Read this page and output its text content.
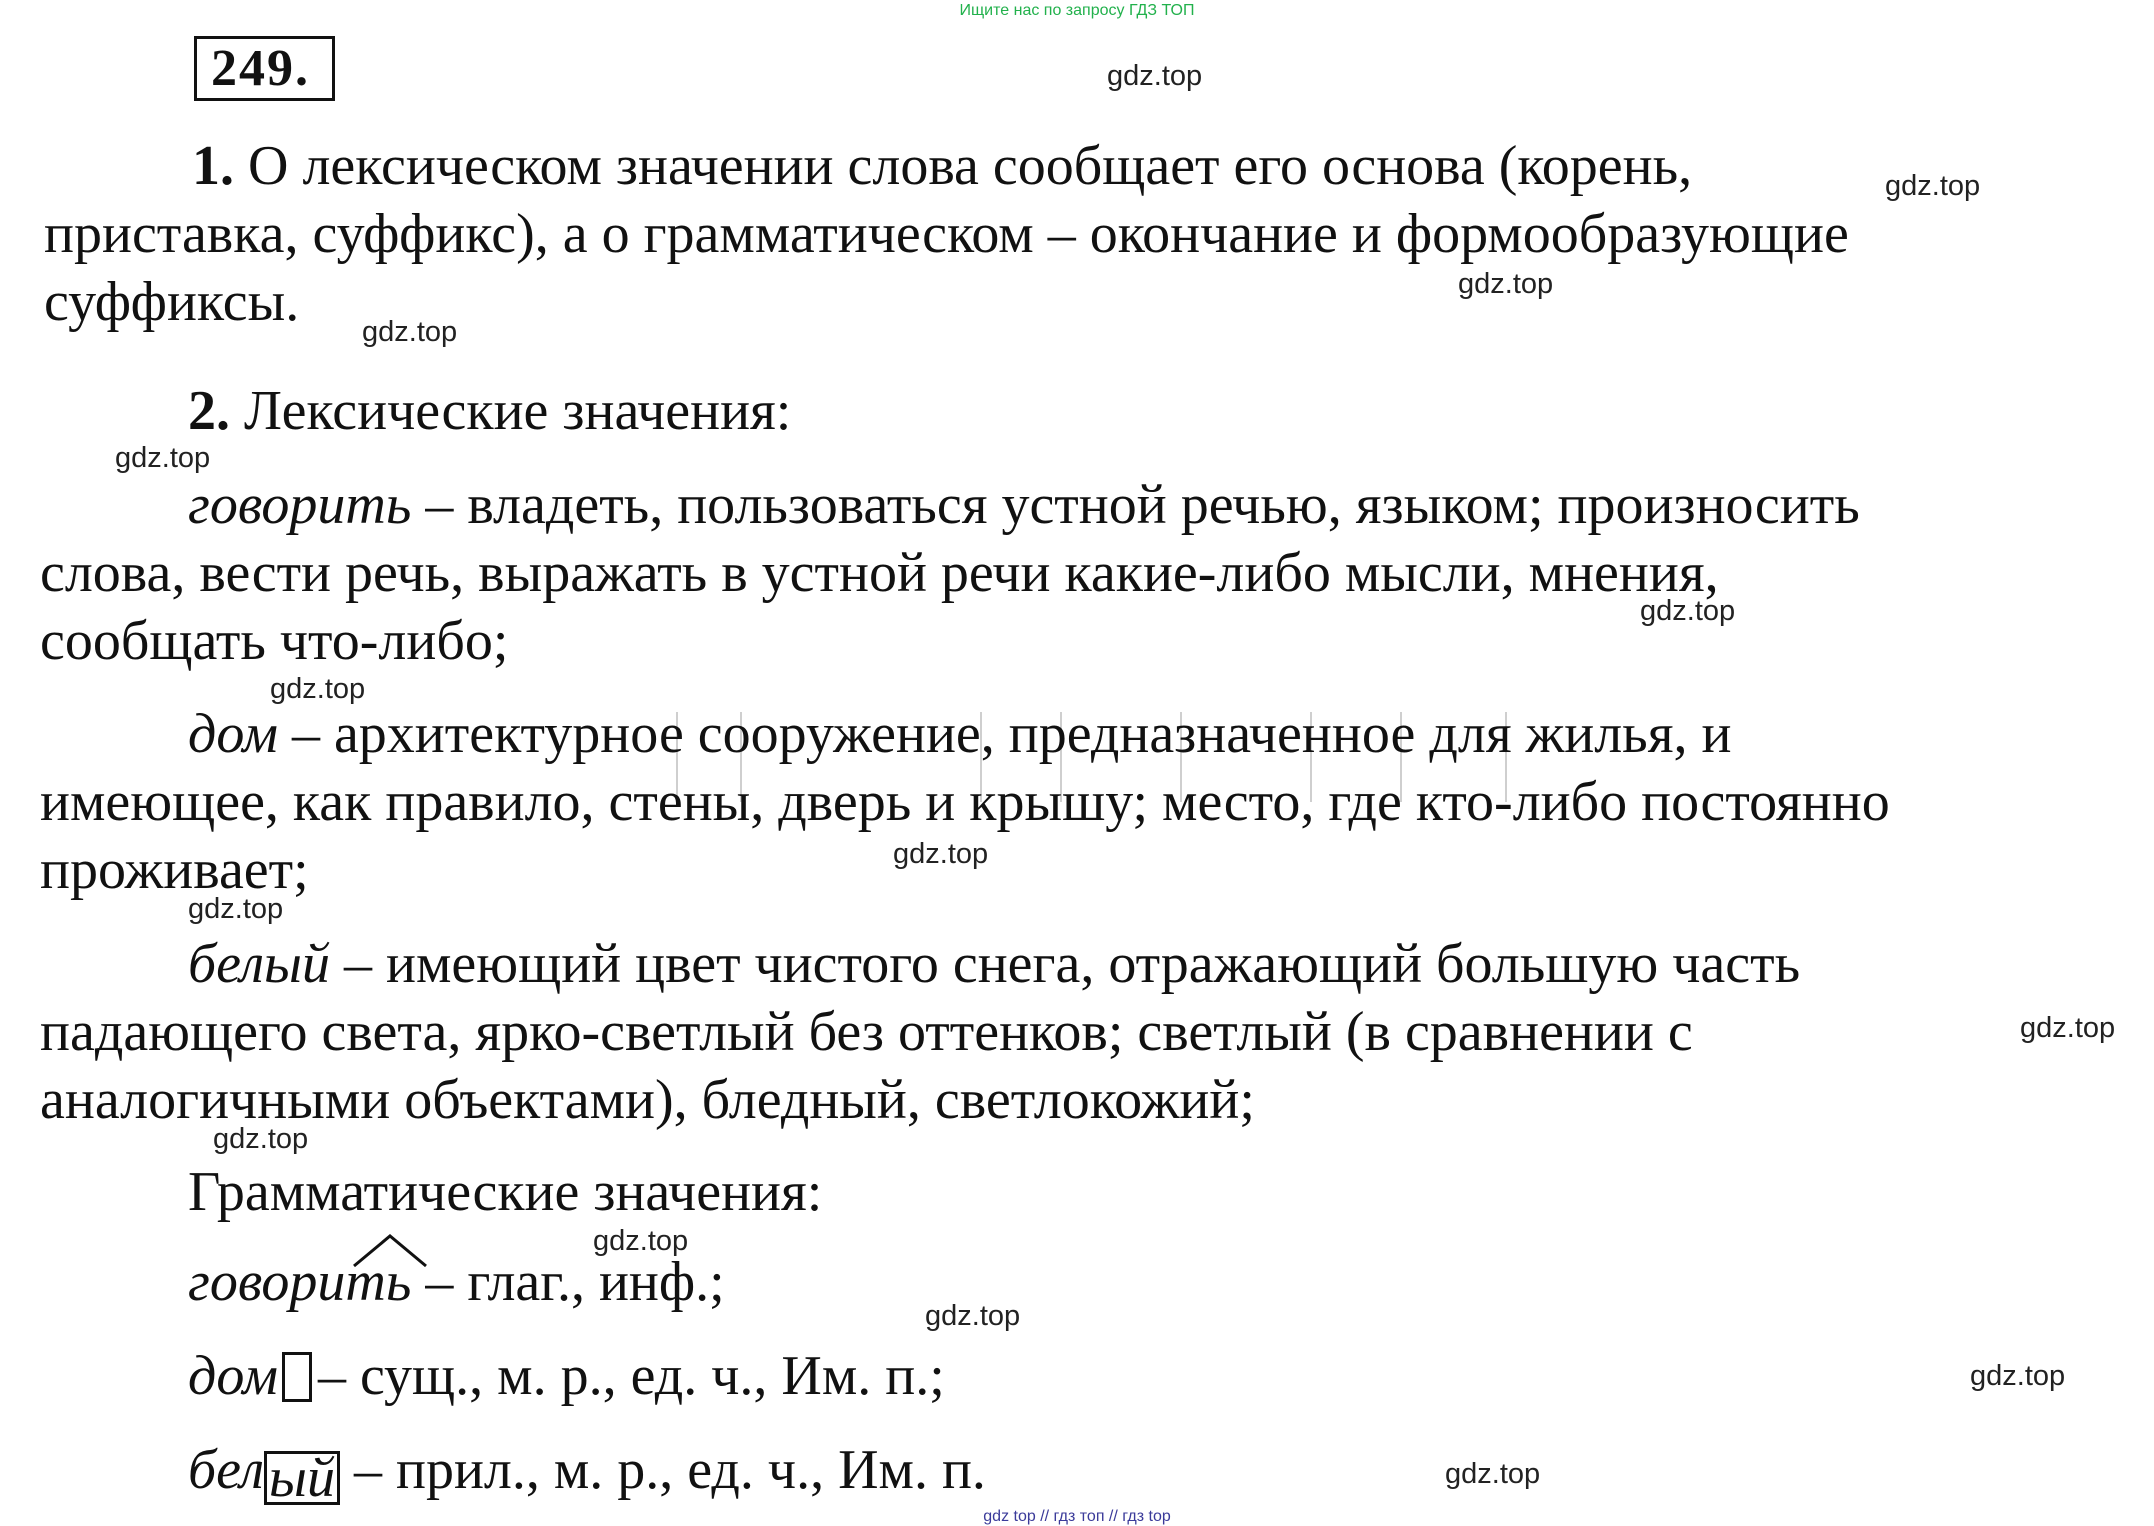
Ищите нас по запросу ГДЗ ТОП
249.	gdz.top
gdz.top
gdz.top
gdz.top
gdz.top
gdz.top
gdz.top
gdz.top
gdz.top
gdz.top
gdz.top
gdz.top
gdz.top
gdz.top
gdz.top
1. О лексическом значении слова сообщает его основа (корень,
приставка, суффикс), а о грамматическом – окончание и формообразующие
суффиксы.
2. Лексические значения:
говорить – владеть, пользоваться устной речью, языком; произносить
слова, вести речь, выражать в устной речи какие-либо мысли, мнения,
сообщать что-либо;
дом – архитектурное сооружение, предназначенное для жилья, и
имеющее, как правило, стены, дверь и крышу; место, где кто-либо постоянно
проживает;
белый – имеющий цвет чистого снега, отражающий большую часть
падающего света, ярко-светлый без оттенков; светлый (в сравнении с
аналогичными объектами), бледный, светлокожий;
Грамматические значения:
говорить – глаг., инф.;
дом – сущ., м. р., ед. ч., Им. п.;
белый – прил., м. р., ед. ч., Им. п.
gdz top // гдз топ // гдз top
